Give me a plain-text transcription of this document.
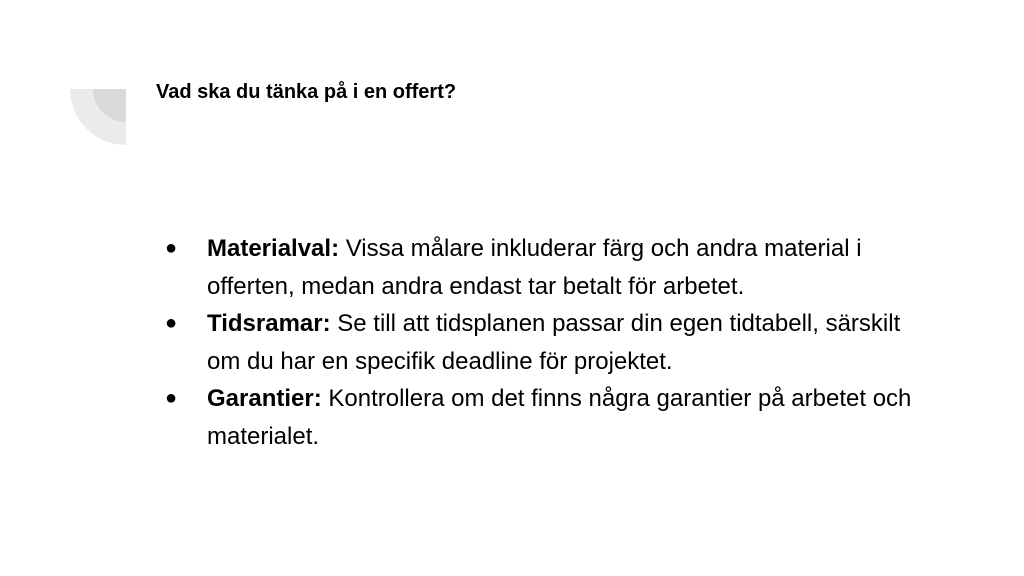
Vad ska du tänka på i en offert?
● Materialval: Vissa målare inkluderar färg och andra material i offerten, medan andra endast tar betalt för arbetet.
● Tidsramar: Se till att tidsplanen passar din egen tidtabell, särskilt om du har en specifik deadline för projektet.
● Garantier: Kontrollera om det finns några garantier på arbetet och materialet.
